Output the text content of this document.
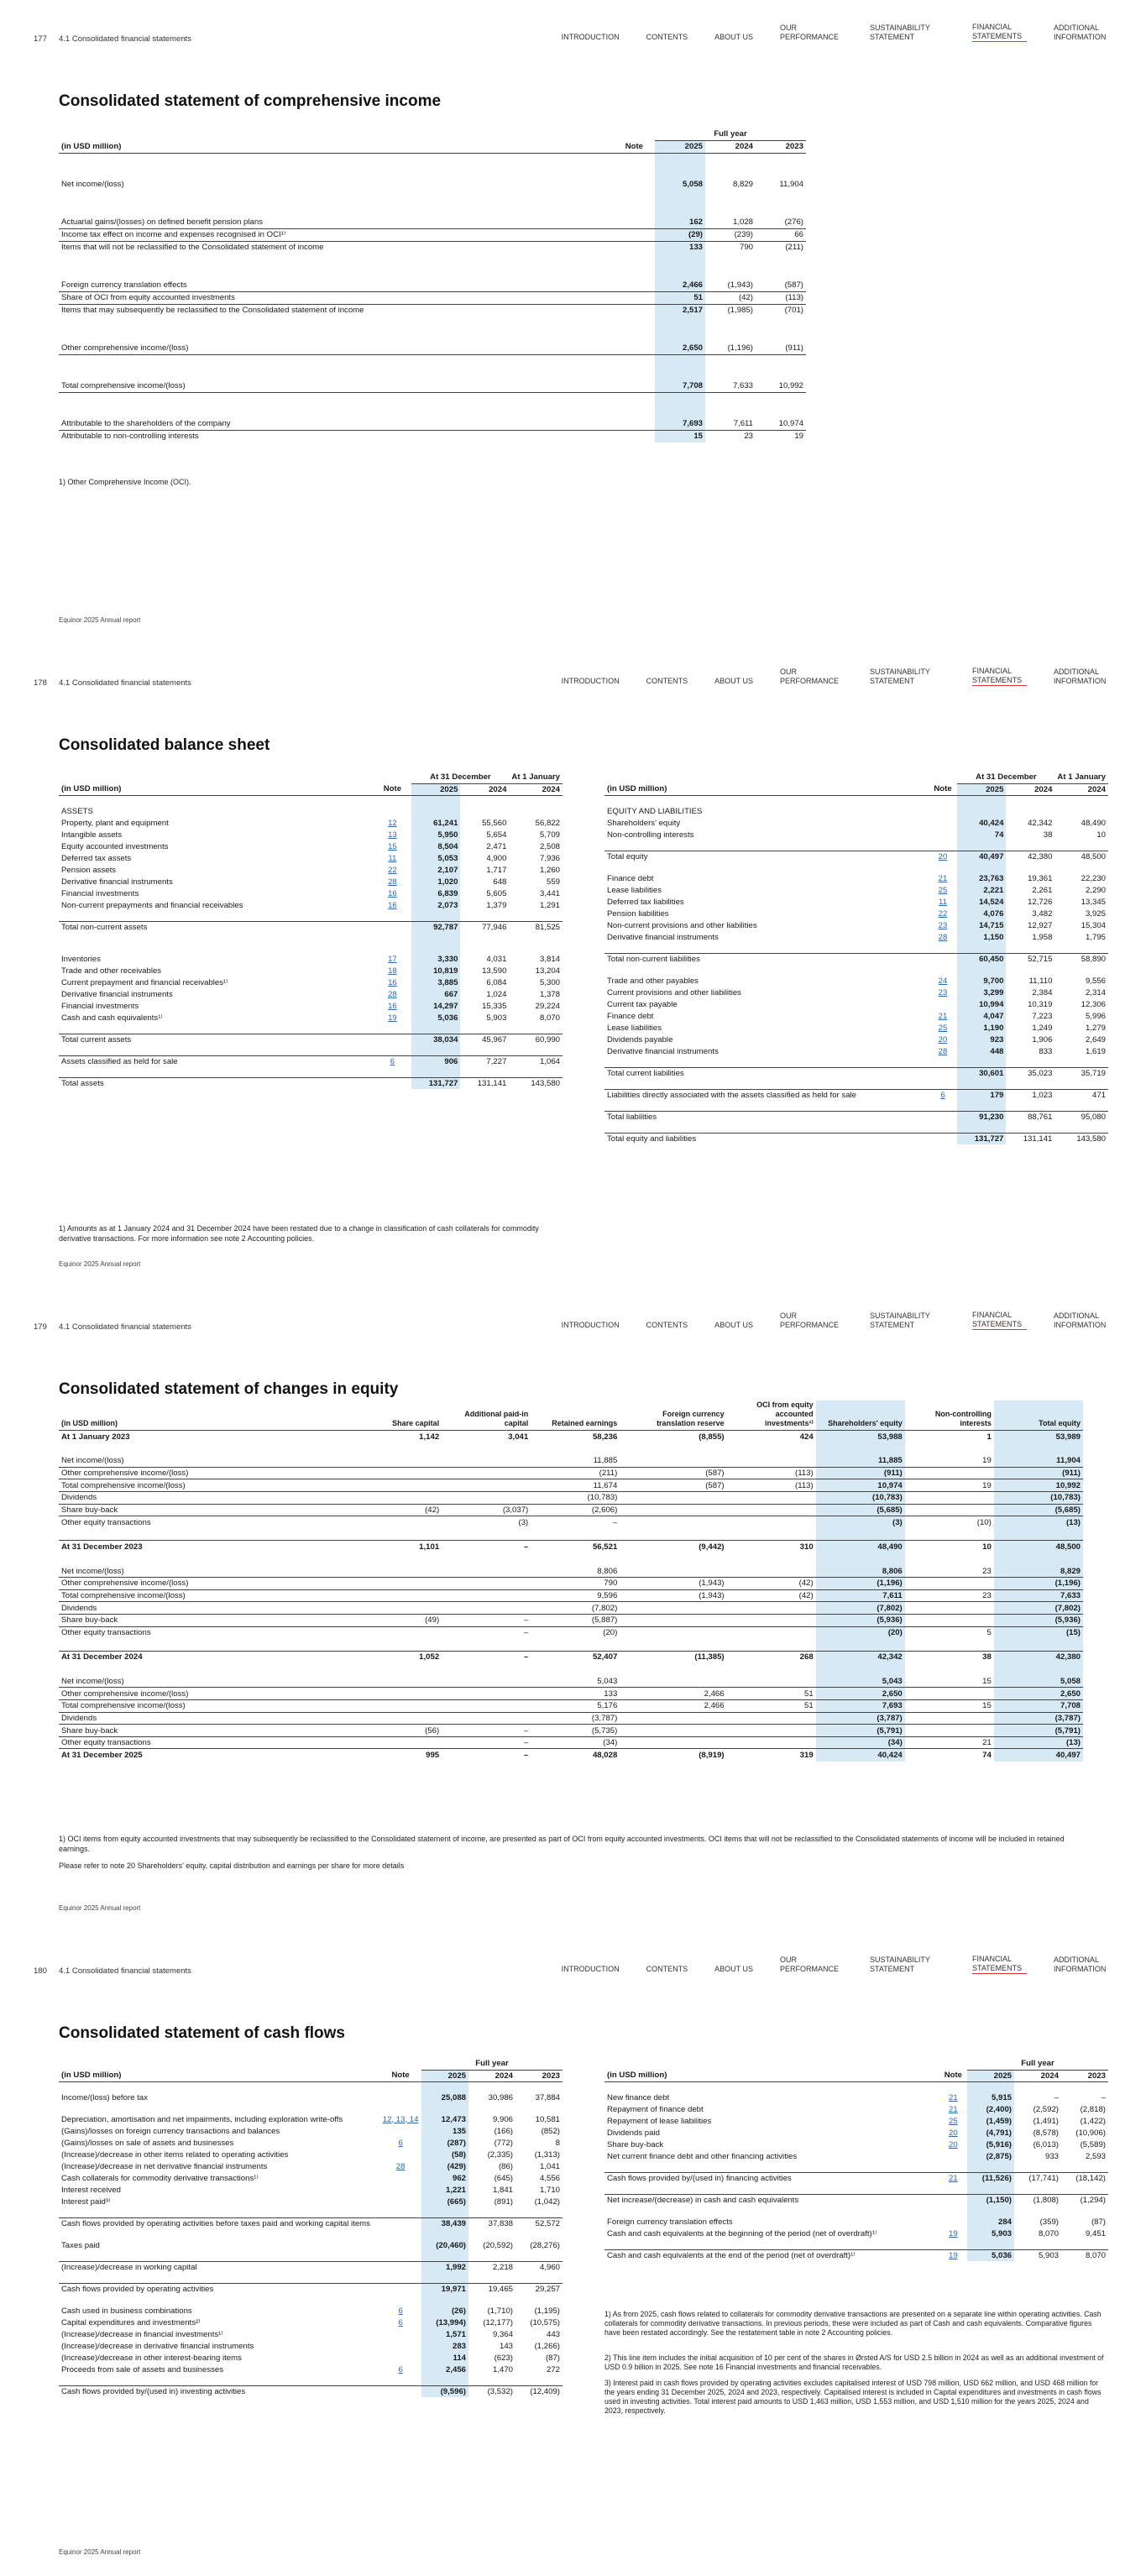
177 4.1 Consolidated financial statements	INTRODUCTION	CONTENTS	ABOUT US
OUR PERFORMANCE
SUSTAINABILITY STATEMENT
FINANCIAL STATEMENTS
ADDITIONAL INFORMATION
Consolidated statement of comprehensive income
		Full year		
(in USD million)	Note	2025	2024	2023

Net income/(loss)		5,058	8,829	11,904

Actuarial gains/(losses) on defined benefit pension plans		162	1,028	(276)
Income tax effect on income and expenses recognised in OCI¹⁾		(29)	(239)	66
Items that will not be reclassified to the Consolidated statement of income		133	790	(211)

Foreign currency translation effects		2,466	(1,943)	(587)
Share of OCI from equity accounted investments		51	(42)	(113)
Items that may subsequently be reclassified to the Consolidated statement of income		2,517	(1,985)	(701)

Other comprehensive income/(loss)		2,650	(1,196)	(911)

Total comprehensive income/(loss)		7,708	7,633	10,992

Attributable to the shareholders of the company		7,693	7,611	10,974
Attributable to non-controlling interests		15	23	19
1) Other Comprehensive Income (OCI).
Equinor 2025 Annual report
178 4.1 Consolidated financial statements	INTRODUCTION	CONTENTS	ABOUT US
OUR PERFORMANCE
SUSTAINABILITY STATEMENT
FINANCIAL STATEMENTS
ADDITIONAL INFORMATION
Consolidated balance sheet
		At 31 December		At 1 January
(in USD million)	Note	2025	2024	2024

ASSETS				
Property, plant and equipment	12	61,241	55,560	56,822
Intangible assets	13	5,950	5,654	5,709
Equity accounted investments	15	8,504	2,471	2,508
Deferred tax assets	11	5,053	4,900	7,936
Pension assets	22	2,107	1,717	1,260
Derivative financial instruments	28	1,020	648	559
Financial investments	16	6,839	5,605	3,441
Non-current prepayments and financial receivables	16	2,073	1,379	1,291

Total non-current assets		92,787	77,946	81,525

Inventories	17	3,330	4,031	3,814
Trade and other receivables	18	10,819	13,590	13,204
Current prepayment and financial receivables¹⁾	16	3,885	6,084	5,300
Derivative financial instruments	28	667	1,024	1,378
Financial investments	16	14,297	15,335	29,224
Cash and cash equivalents¹⁾	19	5,036	5,903	8,070

Total current assets		38,034	45,967	60,990

Assets classified as held for sale	6	906	7,227	1,064

Total assets		131,727	131,141	143,580
1) Amounts as at 1 January 2024 and 31 December 2024 have been restated due to a change in classification of cash collaterals for commodity derivative transactions. For more information see note 2 Accounting policies.
		At 31 December		At 1 January
(in USD million)	Note	2025	2024	2024

EQUITY AND LIABILITIES				
Shareholders' equity		40,424	42,342	48,490
Non-controlling interests		74	38	10

Total equity	20	40,497	42,380	48,500

Finance debt	21	23,763	19,361	22,230
Lease liabilities	25	2,221	2,261	2,290
Deferred tax liabilities	11	14,524	12,726	13,345
Pension liabilities	22	4,076	3,482	3,925
Non-current provisions and other liabilities	23	14,715	12,927	15,304
Derivative financial instruments	28	1,150	1,958	1,795

Total non-current liabilities		60,450	52,715	58,890

Trade and other payables	24	9,700	11,110	9,556
Current provisions and other liabilities	23	3,299	2,384	2,314
Current tax payable		10,994	10,319	12,306
Finance debt	21	4,047	7,223	5,996
Lease liabilities	25	1,190	1,249	1,279
Dividends payable	20	923	1,906	2,649
Derivative financial instruments	28	448	833	1,619

Total current liabilities		30,601	35,023	35,719

Liabilities directly associated with the assets classified as held for sale	6	179	1,023	471

Total liabilities		91,230	88,761	95,080

Total equity and liabilities		131,727	131,141	143,580
Equinor 2025 Annual report
179 4.1 Consolidated financial statements	INTRODUCTION	CONTENTS	ABOUT US
OUR PERFORMANCE
SUSTAINABILITY STATEMENT
FINANCIAL STATEMENTS
ADDITIONAL INFORMATION
Consolidated statement of changes in equity
(in USD million)	Share capital	Additional paid-in capital	Retained earnings	Foreign currency translation reserve	OCI from equity accounted investments¹⁾	Shareholders' equity	Non-controlling interests	Total equity
At 1 January 2023	1,142	3,041	58,236	(8,855)	424	53,988	1	53,989

Net income/(loss)			11,885			11,885	19	11,904
Other comprehensive income/(loss)			(211)	(587)	(113)	(911)		(911)
Total comprehensive income/(loss)			11,674	(587)	(113)	10,974	19	10,992
Dividends			(10,783)			(10,783)		(10,783)
Share buy-back	(42)	(3,037)	(2,606)			(5,685)		(5,685)
Other equity transactions		(3)	–			(3)	(10)	(13)

At 31 December 2023	1,101	–	56,521	(9,442)	310	48,490	10	48,500

Net income/(loss)			8,806			8,806	23	8,829
Other comprehensive income/(loss)			790	(1,943)	(42)	(1,196)		(1,196)
Total comprehensive income/(loss)			9,596	(1,943)	(42)	7,611	23	7,633
Dividends			(7,802)			(7,802)		(7,802)
Share buy-back	(49)	–	(5,887)			(5,936)		(5,936)
Other equity transactions		–	(20)			(20)	5	(15)

At 31 December 2024	1,052	–	52,407	(11,385)	268	42,342	38	42,380

Net income/(loss)			5,043			5,043	15	5,058
Other comprehensive income/(loss)			133	2,466	51	2,650		2,650
Total comprehensive income/(loss)			5,176	2,466	51	7,693	15	7,708
Dividends			(3,787)			(3,787)		(3,787)
Share buy-back	(56)	–	(5,735)			(5,791)		(5,791)
Other equity transactions		–	(34)			(34)	21	(13)
At 31 December 2025	995	–	48,028	(8,919)	319	40,424	74	40,497
1) OCI items from equity accounted investments that may subsequently be reclassified to the Consolidated statement of income, are presented as part of OCI from equity accounted investments. OCI items that will not be reclassified to the Consolidated statements of income will be included in retained earnings.
Please refer to note 20 Shareholders' equity, capital distribution and earnings per share for more details
Equinor 2025 Annual report
180 4.1 Consolidated financial statements	INTRODUCTION	CONTENTS	ABOUT US
OUR PERFORMANCE
SUSTAINABILITY STATEMENT
FINANCIAL STATEMENTS
ADDITIONAL INFORMATION
Consolidated statement of cash flows
		Full year		
(in USD million)	Note	2025	2024	2023

Income/(loss) before tax		25,088	30,986	37,884

Depreciation, amortisation and net impairments, including exploration write-offs	12, 13, 14	12,473	9,906	10,581
(Gains)/losses on foreign currency transactions and balances		135	(166)	(852)
(Gains)/losses on sale of assets and businesses	6	(287)	(772)	8
(Increase)/decrease in other items related to operating activities		(58)	(2,335)	(1,313)
(Increase)/decrease in net derivative financial instruments	28	(429)	(86)	1,041
Cash collaterals for commodity derivative transactions¹⁾		962	(645)	4,556
Interest received		1,221	1,841	1,710
Interest paid³⁾		(665)	(891)	(1,042)

Cash flows provided by operating activities before taxes paid and working capital items		38,439	37,838	52,572

Taxes paid		(20,460)	(20,592)	(28,276)

(Increase)/decrease in working capital		1,992	2,218	4,960

Cash flows provided by operating activities		19,971	19,465	29,257

Cash used in business combinations	6	(26)	(1,710)	(1,195)
Capital expenditures and investments²⁾	6	(13,994)	(12,177)	(10,575)
(Increase)/decrease in financial investments¹⁾		1,571	9,364	443
(Increase)/decrease in derivative financial instruments		283	143	(1,266)
(Increase)/decrease in other interest-bearing items		114	(623)	(87)
Proceeds from sale of assets and businesses	6	2,456	1,470	272

Cash flows provided by/(used in) investing activities		(9,596)	(3,532)	(12,409)
		Full year		
(in USD million)	Note	2025	2024	2023

New finance debt	21	5,915	–	–
Repayment of finance debt	21	(2,400)	(2,592)	(2,818)
Repayment of lease liabilities	25	(1,459)	(1,491)	(1,422)
Dividends paid	20	(4,791)	(8,578)	(10,906)
Share buy-back	20	(5,916)	(6,013)	(5,589)
Net current finance debt and other financing activities		(2,875)	933	2,593

Cash flows provided by/(used in) financing activities	21	(11,526)	(17,741)	(18,142)

Net increase/(decrease) in cash and cash equivalents		(1,150)	(1,808)	(1,294)

Foreign currency translation effects		284	(359)	(87)
Cash and cash equivalents at the beginning of the period (net of overdraft)¹⁾	19	5,903	8,070	9,451

Cash and cash equivalents at the end of the period (net of overdraft)¹⁾	19	5,036	5,903	8,070
1) As from 2025, cash flows related to collaterals for commodity derivative transactions are presented on a separate line within operating activities. Cash collaterals for commodity derivative transactions. In previous periods, these were included as part of Cash and cash equivalents. Comparative figures have been restated accordingly. See the restatement table in note 2 Accounting policies.
2) This line item includes the initial acquisition of 10 per cent of the shares in Ørsted A/S for USD 2.5 billion in 2024 as well as an additional investment of USD 0.9 billion in 2025. See note 16 Financial investments and financial receivables.
3) Interest paid in cash flows provided by operating activities excludes capitalised interest of USD 798 million, USD 662 million, and USD 468 million for the years ending 31 December 2025, 2024 and 2023, respectively. Capitalised interest is included in Capital expenditures and investments in cash flows used in investing activities. Total interest paid amounts to USD 1,463 million, USD 1,553 million, and USD 1,510 million for the years 2025, 2024 and 2023, respectively.
Equinor 2025 Annual report
